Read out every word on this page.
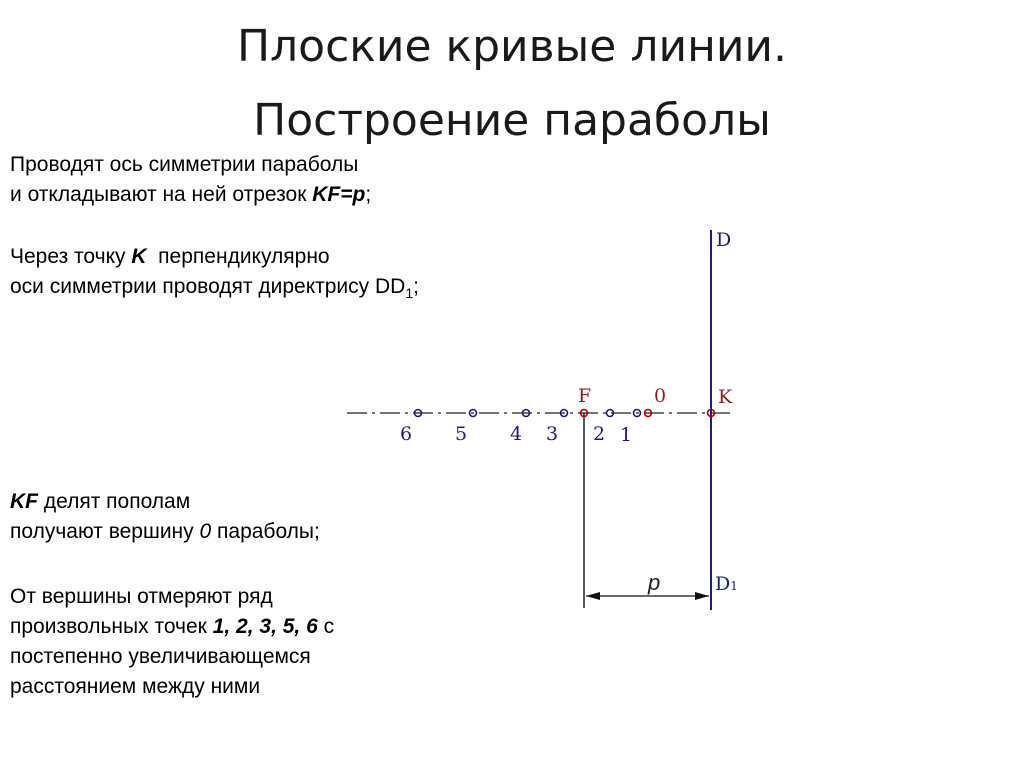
Плоские кривые линии.
Построение параболы

Проводят ось симметрии параболы

и откладывают на ней отрезок KF=p;

Через точку K  перпендикулярно

оси симметрии проводят директрису $DD_1$;

KF делят пополам

получают вершину 0 параболы;

От вершины отмеряют ряд

произвольных точек 1, 2, 3, 5, 6 с

постепенно увеличивающемся

расстоянием между ними

p
D
K
D1
F	0
6 5 4 3 2 1
